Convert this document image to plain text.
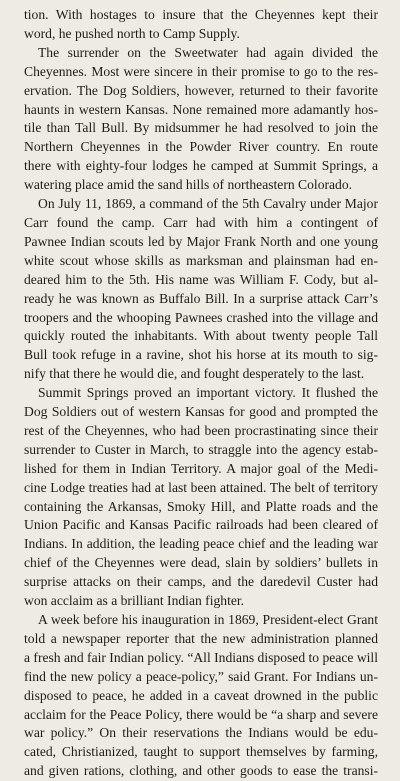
tion. With hostages to insure that the Cheyennes kept their
word, he pushed north to Camp Supply.
The surrender on the Sweetwater had again divided the
Cheyennes. Most were sincere in their promise to go to the res-
ervation. The Dog Soldiers, however, returned to their favorite
haunts in western Kansas. None remained more adamantly hos-
tile than Tall Bull. By midsummer he had resolved to join the
Northern Cheyennes in the Powder River country. En route
there with eighty-four lodges he camped at Summit Springs, a
watering place amid the sand hills of northeastern Colorado.
On July 11, 1869, a command of the 5th Cavalry under Major
Carr found the camp. Carr had with him a contingent of
Pawnee Indian scouts led by Major Frank North and one young
white scout whose skills as marksman and plainsman had en-
deared him to the 5th. His name was William F. Cody, but al-
ready he was known as Buffalo Bill. In a surprise attack Carr’s
troopers and the whooping Pawnees crashed into the village and
quickly routed the inhabitants. With about twenty people Tall
Bull took refuge in a ravine, shot his horse at its mouth to sig-
nify that there he would die, and fought desperately to the last.
Summit Springs proved an important victory. It flushed the
Dog Soldiers out of western Kansas for good and prompted the
rest of the Cheyennes, who had been procrastinating since their
surrender to Custer in March, to straggle into the agency estab-
lished for them in Indian Territory. A major goal of the Medi-
cine Lodge treaties had at last been attained. The belt of territory
containing the Arkansas, Smoky Hill, and Platte roads and the
Union Pacific and Kansas Pacific railroads had been cleared of
Indians. In addition, the leading peace chief and the leading war
chief of the Cheyennes were dead, slain by soldiers’ bullets in
surprise attacks on their camps, and the daredevil Custer had
won acclaim as a brilliant Indian fighter.
A week before his inauguration in 1869, President-elect Grant
told a newspaper reporter that the new administration planned
a fresh and fair Indian policy. “All Indians disposed to peace will
find the new policy a peace-policy,” said Grant. For Indians un-
disposed to peace, he added in a caveat drowned in the public
acclaim for the Peace Policy, there would be “a sharp and severe
war policy.” On their reservations the Indians would be edu-
cated, Christianized, taught to support themselves by farming,
and given rations, clothing, and other goods to ease the transi-
